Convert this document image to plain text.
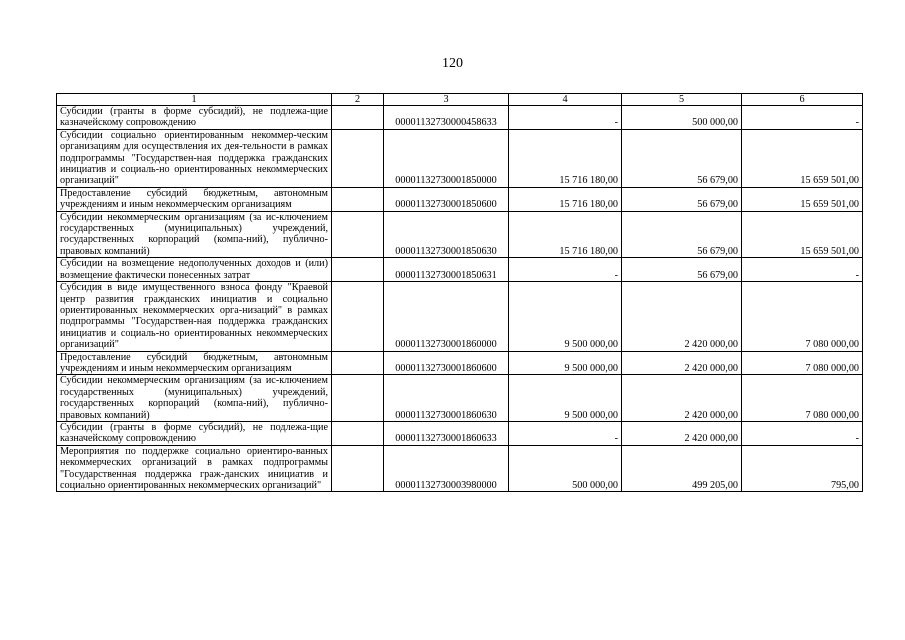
120
1	2	3	4	5	6
Субсидии (гранты в форме субсидий), не подлежа-щие казначейскому сопровождению		00001132730000458633	-	500 000,00	-
Субсидии социально ориентированным некоммер-ческим организациям для осуществления их дея-тельности в рамках подпрограммы "Государствен-ная поддержка гражданских инициатив и социаль-но ориентированных некоммерческих организаций"		00001132730001850000	15 716 180,00	56 679,00	15 659 501,00
Предоставление субсидий бюджетным, автономным учреждениям и иным некоммерческим организациям		00001132730001850600	15 716 180,00	56 679,00	15 659 501,00
Субсидии некоммерческим организациям (за ис-ключением государственных (муниципальных) учреждений, государственных корпораций (компа-ний), публично-правовых компаний)		00001132730001850630	15 716 180,00	56 679,00	15 659 501,00
Субсидии на возмещение недополученных доходов и (или) возмещение фактически понесенных затрат		00001132730001850631	-	56 679,00	-
Субсидия в виде имущественного взноса фонду "Краевой центр развития гражданских инициатив и социально ориентированных некоммерческих орга-низаций" в рамках подпрограммы "Государствен-ная поддержка гражданских инициатив и социаль-но ориентированных некоммерческих организаций"		00001132730001860000	9 500 000,00	2 420 000,00	7 080 000,00
Предоставление субсидий бюджетным, автономным учреждениям и иным некоммерческим организациям		00001132730001860600	9 500 000,00	2 420 000,00	7 080 000,00
Субсидии некоммерческим организациям (за ис-ключением государственных (муниципальных) учреждений, государственных корпораций (компа-ний), публично-правовых компаний)		00001132730001860630	9 500 000,00	2 420 000,00	7 080 000,00
Субсидии (гранты в форме субсидий), не подлежа-щие казначейскому сопровождению		00001132730001860633	-	2 420 000,00	-
Мероприятия по поддержке социально ориентиро-ванных некоммерческих организаций в рамках подпрограммы "Государственная поддержка граж-данских инициатив и социально ориентированных некоммерческих организаций"		00001132730003980000	500 000,00	499 205,00	795,00
